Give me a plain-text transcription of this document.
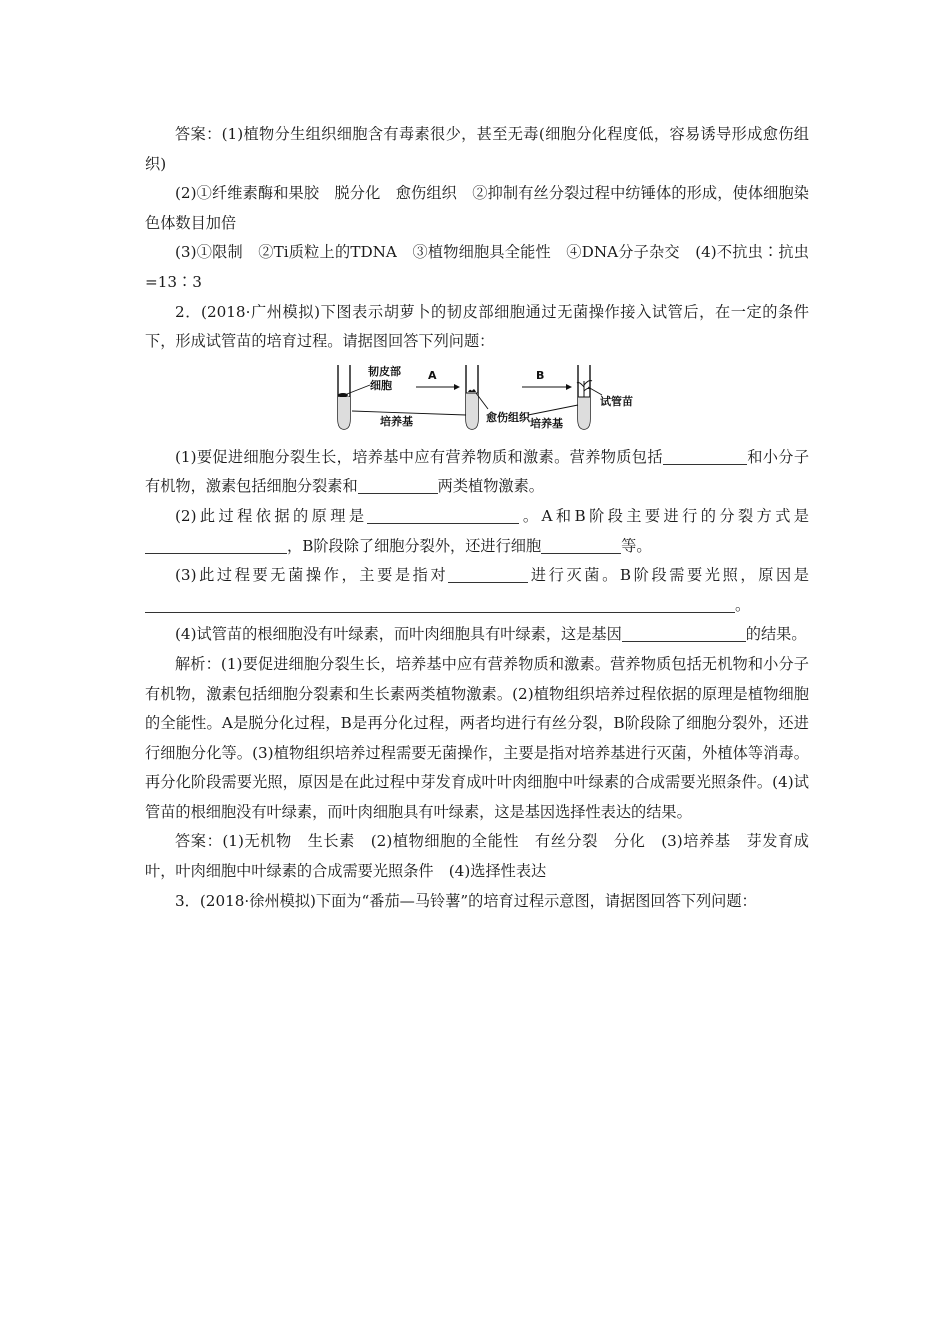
答案：(1)植物分生组织细胞含有毒素很少，甚至无毒(细胞分化程度低，容易诱导形成愈伤组织)

(2)①纤维素酶和果胶　脱分化　愈伤组织　②抑制有丝分裂过程中纺锤体的形成，使体细胞染色体数目加倍

(3)①限制　②Ti质粒上的TDNA　③植物细胞具全能性　④DNA分子杂交　(4)不抗虫∶抗虫=13∶3

2．(2018·广州模拟)下图表示胡萝卜的韧皮部细胞通过无菌操作接入试管后，在一定的条件下，形成试管苗的培育过程。请据图回答下列问题：

韧皮部
细胞
A
培养基	愈伤组织
B
培养基
试管苗

(1)要促进细胞分裂生长，培养基中应有营养物质和激素。营养物质包括	和小分子有机物，激素包括细胞分裂素和	两类植物激素。

(2)此过程依据的原理是	。A和B阶段主要进行的分裂方式是，B阶段除了细胞分裂外，还进行细胞	等。

(3)此过程要无菌操作，主要是指对	进行灭菌。B阶段需要光照，原因是。

(4)试管苗的根细胞没有叶绿素，而叶肉细胞具有叶绿素，这是基因	的结果。

解析：(1)要促进细胞分裂生长，培养基中应有营养物质和激素。营养物质包括无机物和小分子有机物，激素包括细胞分裂素和生长素两类植物激素。(2)植物组织培养过程依据的原理是植物细胞的全能性。A是脱分化过程，B是再分化过程，两者均进行有丝分裂，B阶段除了细胞分裂外，还进行细胞分化等。(3)植物组织培养过程需要无菌操作，主要是指对培养基进行灭菌，外植体等消毒。再分化阶段需要光照，原因是在此过程中芽发育成叶叶肉细胞中叶绿素的合成需要光照条件。(4)试管苗的根细胞没有叶绿素，而叶肉细胞具有叶绿素，这是基因选择性表达的结果。

答案：(1)无机物　生长素　(2)植物细胞的全能性　有丝分裂　分化　(3)培养基　芽发育成叶，叶肉细胞中叶绿素的合成需要光照条件　(4)选择性表达

3．(2018·徐州模拟)下面为“番茄—马铃薯”的培育过程示意图，请据图回答下列问题：
